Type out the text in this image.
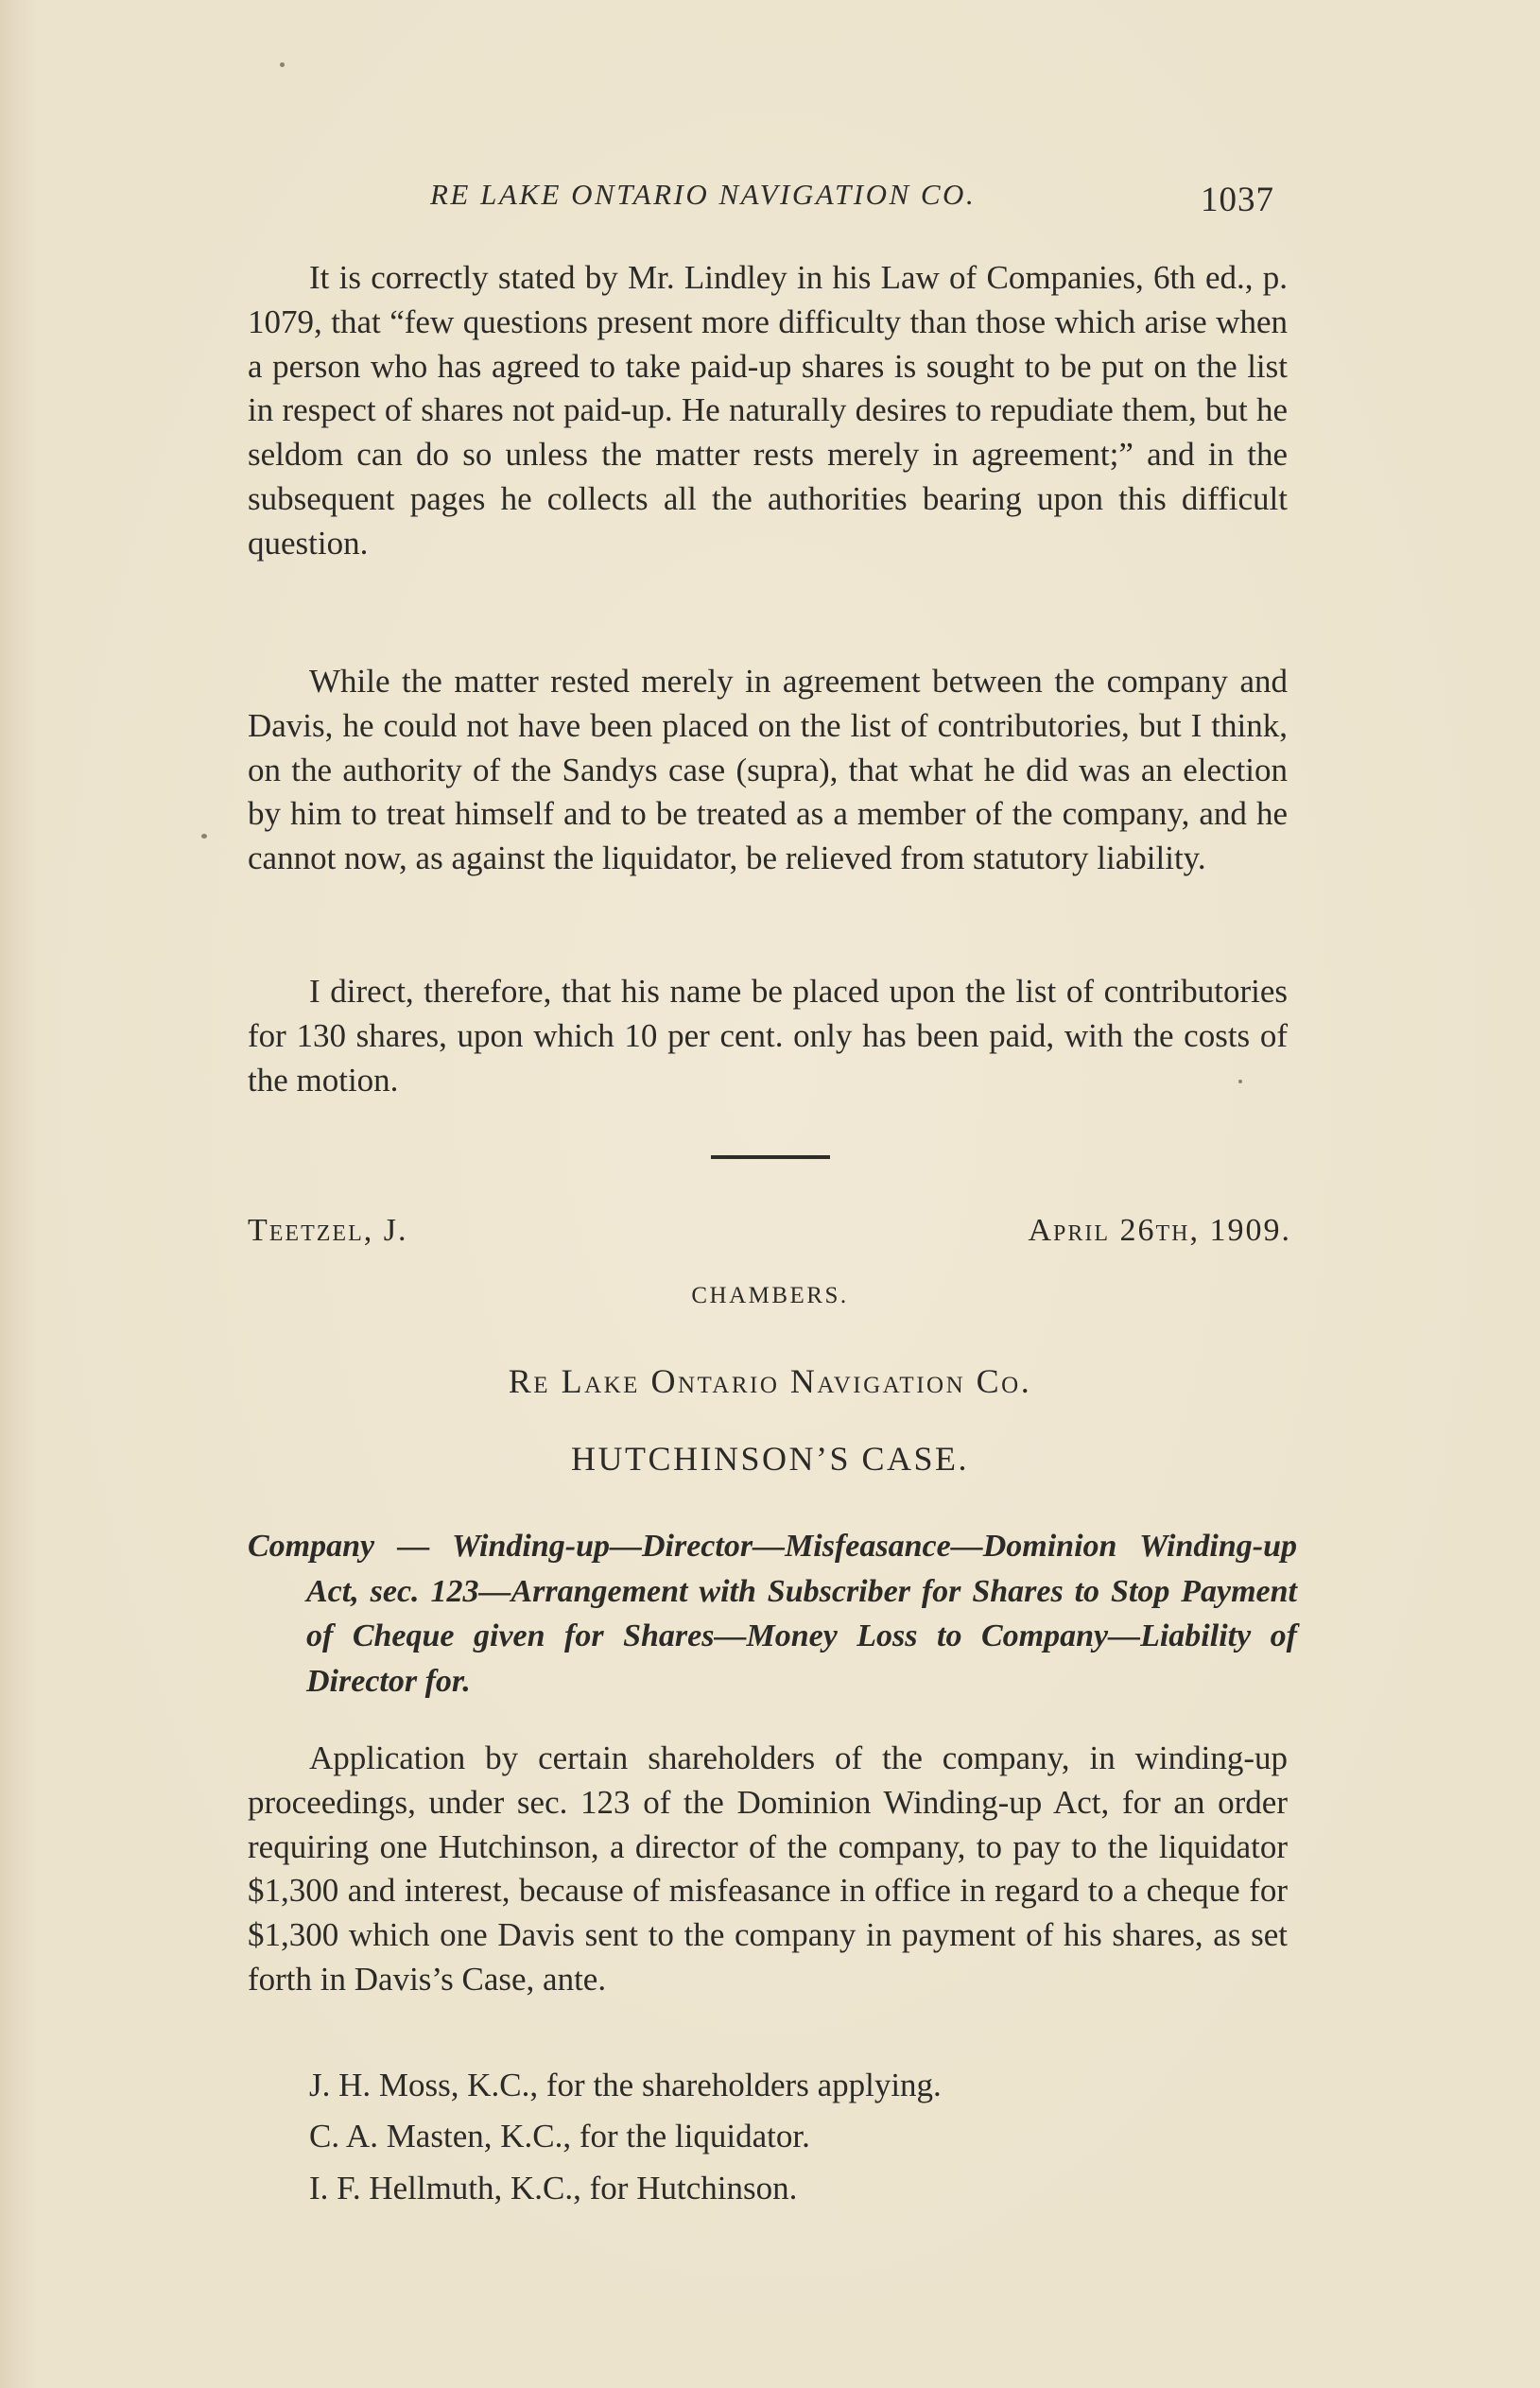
RE LAKE ONTARIO NAVIGATION CO.	1037

It is correctly stated by Mr. Lindley in his Law of Companies, 6th ed., p. 1079, that “few questions present more difficulty than those which arise when a person who has agreed to take paid-up shares is sought to be put on the list in respect of shares not paid-up. He naturally desires to repudiate them, but he seldom can do so unless the matter rests merely in agreement;” and in the subsequent pages he collects all the authorities bearing upon this difficult question.

While the matter rested merely in agreement between the company and Davis, he could not have been placed on the list of contributories, but I think, on the authority of the Sandys case (supra), that what he did was an election by him to treat himself and to be treated as a member of the company, and he cannot now, as against the liquidator, be relieved from statutory liability.

I direct, therefore, that his name be placed upon the list of contributories for 130 shares, upon which 10 per cent. only has been paid, with the costs of the motion.

Teetzel, J.	April 26th, 1909.
CHAMBERS.
Re Lake Ontario Navigation Co.
HUTCHINSON’S CASE.

Company — Winding-up—Director—Misfeasance—Dominion Winding-up Act, sec. 123—Arrangement with Subscriber for Shares to Stop Payment of Cheque given for Shares—Money Loss to Company—Liability of Director for.

Application by certain shareholders of the company, in winding-up proceedings, under sec. 123 of the Dominion Winding-up Act, for an order requiring one Hutchinson, a director of the company, to pay to the liquidator $1,300 and interest, because of misfeasance in office in regard to a cheque for $1,300 which one Davis sent to the company in payment of his shares, as set forth in Davis’s Case, ante.

J. H. Moss, K.C., for the shareholders applying.

C. A. Masten, K.C., for the liquidator.

I. F. Hellmuth, K.C., for Hutchinson.
